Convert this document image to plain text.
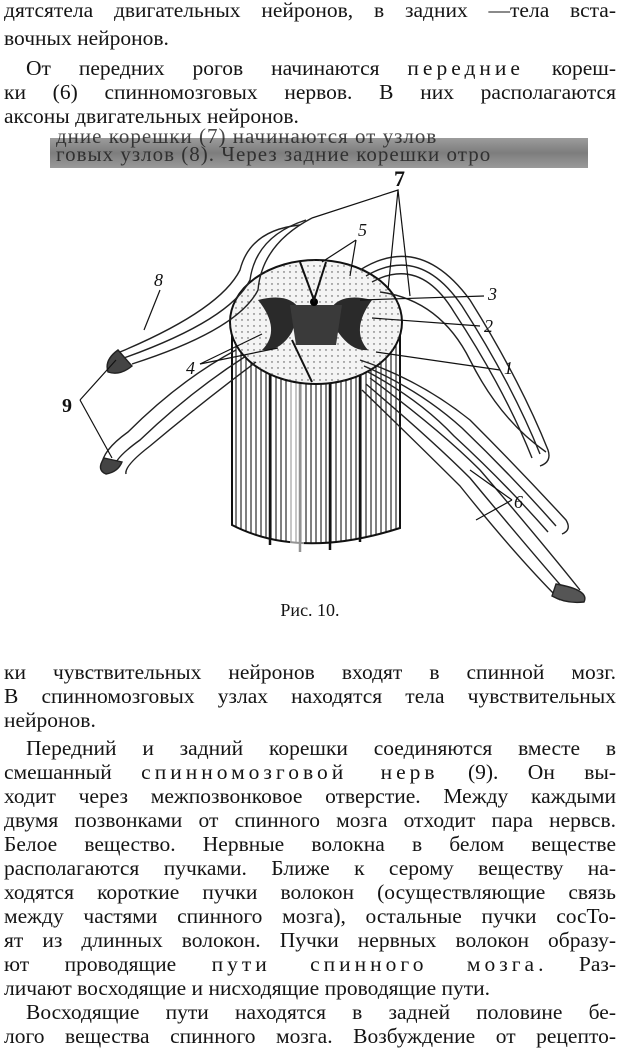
дятсятела двигательных нейронов, в задних —тела вста-
вочных нейронов.
От передних рогов начинаются передние кореш-
ки (6) спинномозговых нервов. В них располагаются
аксоны двигательных нейронов.
дние корешки (7) начинаются от узлов
говых узлов (8). Через задние корешки отро
7
5
8
3
2
4	1
9
6
Рис. 10.
ки чувствительных нейронов входят в спинной мозг.
В спинномозговых узлах находятся тела чувствительных
нейронов.
Передний и задний корешки соединяются вместе в
смешанный спинномозговой нерв (9). Он вы-
ходит через межпозвонковое отверстие. Между каждыми
двумя позвонками от спинного мозга отходит пара нервсв.
Белое вещество. Нервные волокна в белом веществе
располагаются пучками. Ближе к серому веществу на-
ходятся короткие пучки волокон (осуществляющие связь
между частями спинного мозга), остальные пучки сосТо-
ят из длинных волокон. Пучки нервных волокон образу-
ют проводящие пути спинного мозга. Раз-
личают восходящие и нисходящие проводящие пути.
Восходящие пути находятся в задней половине бе-
лого вещества спинного мозга. Возбуждение от рецепто-
